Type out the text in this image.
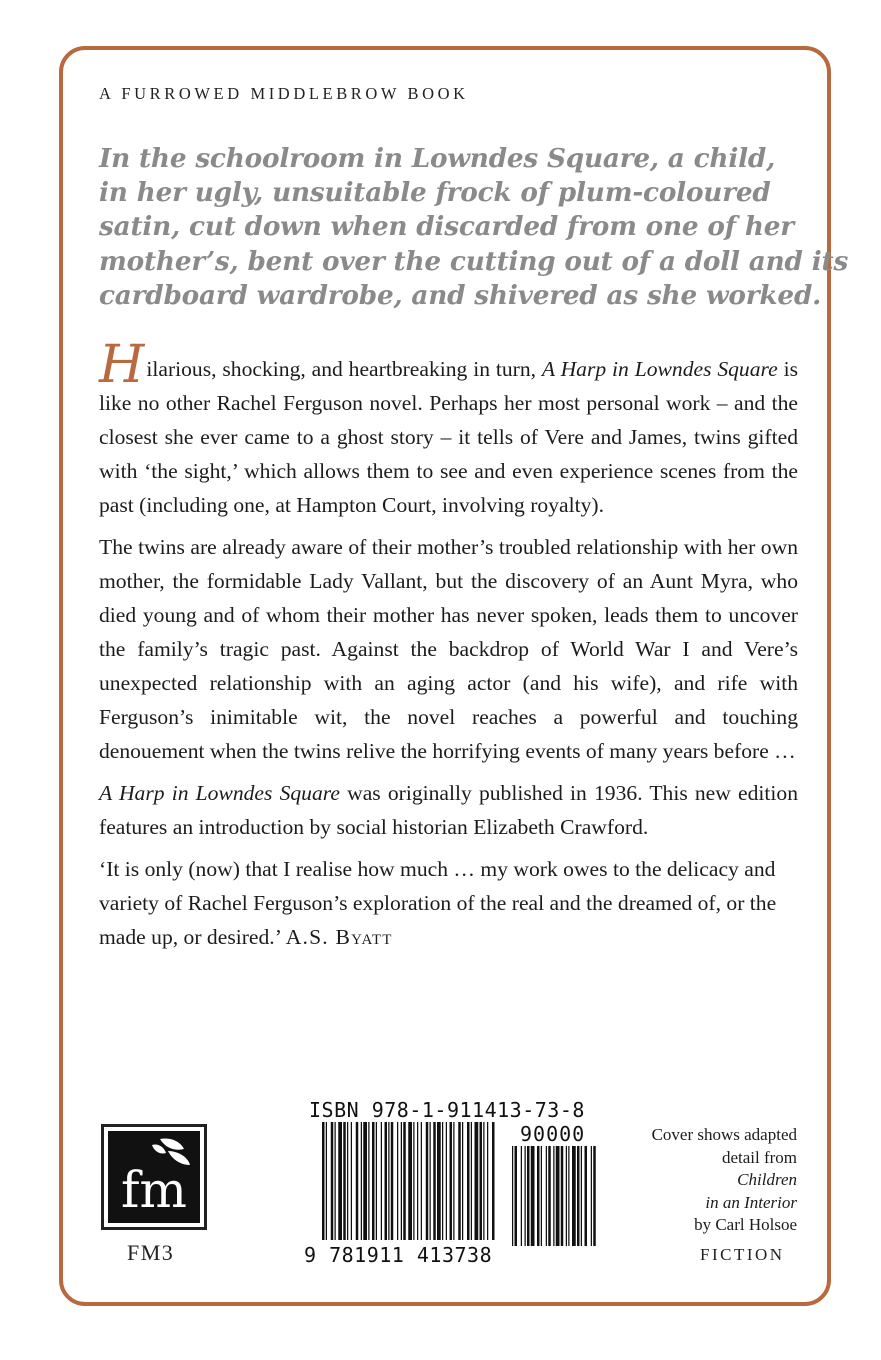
A FURROWED MIDDLEBROW BOOK
In the schoolroom in Lowndes Square, a child,
in her ugly, unsuitable frock of plum-coloured
satin, cut down when discarded from one of her
mother’s, bent over the cutting out of a doll and its
cardboard wardrobe, and shivered as she worked.

Hilarious, shocking, and heartbreaking in turn, A Harp in Lowndes Square is like no other Rachel Ferguson novel. Perhaps her most personal work – and the closest she ever came to a ghost story – it tells of Vere and James, twins gifted with ‘the sight,’ which allows them to see and even experience scenes from the past (including one, at Hampton Court, involving royalty).

The twins are already aware of their mother’s troubled relationship with her own mother, the formidable Lady Vallant, but the discovery of an Aunt Myra, who died young and of whom their mother has never spoken, leads them to uncover the family’s tragic past. Against the backdrop of World War I and Vere’s unexpected relationship with an aging actor (and his wife), and rife with Ferguson’s inimitable wit, the novel reaches a powerful and touching denouement when the twins relive the horrifying events of many years before …

A Harp in Lowndes Square was originally published in 1936. This new edition features an introduction by social historian Elizabeth Crawford.

‘It is only (now) that I realise how much … my work owes to the delicacy and variety of Rachel Ferguson’s exploration of the real and the dreamed of, or the made up, or desired.’ A.S. Byatt

fm
FM3
ISBN 978-1-911413-73-8
90000
9 781911 413738
Cover shows adapted
detail from
Children
in an Interior
by Carl Holsoe
FICTION
